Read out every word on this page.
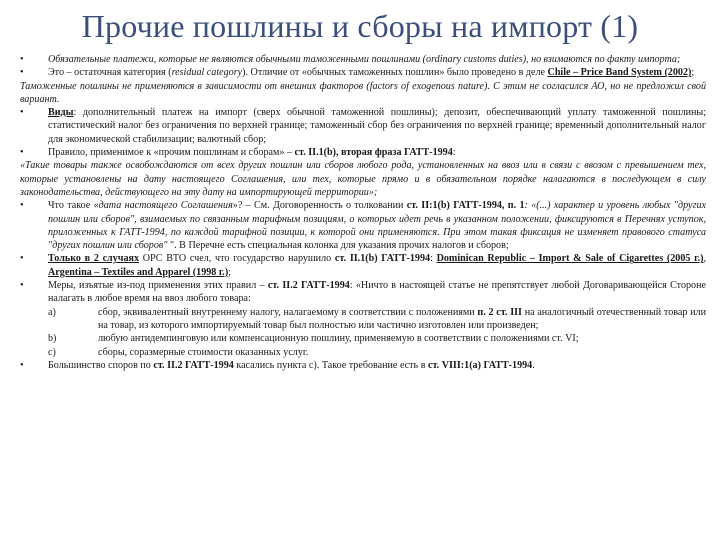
Прочие пошлины и сборы на импорт (1)
•	Обязательные платежи, которые не являются обычными таможенными пошлинами (ordinary customs duties), но взимаются по факту импорта;
•	Это – остаточная категория (residual category). Отличие от «обычных таможенных пошлин» было проведено в деле Chile – Price Band System (2002);

Таможенные пошлины не применяются в зависимости от внешних факторов (factors of exogenous nature). С этим не согласился АО, но не предложил свой вариант.

•	Виды: дополнительный платеж на импорт (сверх обычной таможенной пошлины); депозит, обеспечивающий уплату таможенной пошлины; статистический налог без ограничения по верхней границе; таможенный сбор без ограничения по верхней границе; временный дополнительный налог для экономической стабилизации; валютный сбор;
•	Правило, применимое к «прочим пошлинам и сборам» – ст. II.1(b), вторая фраза ГАТТ-1994:

«Такие товары также освобождаются от всех других пошлин или сборов любого рода, установленных на ввоз или в связи с ввозом с превышением тех, которые установлены на дату настоящего Соглашения, или тех, которые прямо и в обязательном порядке налагаются в последующем в силу законодательства, действующего на эту дату на импортирующей территории»;

•	Что такое «дата настоящего Соглашения»? – См. Договоренность о толковании ст. II:1(b) ГАТТ-1994, п. 1: «(...) характер и уровень любых "других пошлин или сборов", взимаемых по связанным тарифным позициям, о которых идет речь в указанном положении, фиксируются в Перечнях уступок, приложенных к ГАТТ-1994, по каждой тарифной позиции, к которой они применяются. При этом такая фиксация не изменяет правового статуса "других пошлин или сборов" ". В Перечне есть специальная колонка для указания прочих налогов и сборов;
•	Только в 2 случаях ОРС ВТО счел, что государство нарушило ст. II.1(b) ГАТТ-1994: Dominican Republic – Import & Sale of Cigarettes (2005 г.), Argentina – Textiles and Apparel (1998 г.);
•	Меры, изъятые из-под применения этих правил – ст. II.2 ГАТТ-1994: «Ничто в настоящей статье не препятствует любой Договаривающейся Стороне налагать в любое время на ввоз любого товара:
a)	сбор, эквивалентный внутреннему налогу, налагаемому в соответствии с положениями п. 2 ст. III на аналогичный отечественный товар или на товар, из которого импортируемый товар был полностью или частично изготовлен или произведен;
b)	любую антидемпинговую или компенсационную пошлину, применяемую в соответствии с положениями ст. VI;
c)	сборы, соразмерные стоимости оказанных услуг.
•	Большинство споров по ст. II.2 ГАТТ-1994 касались пункта с). Такое требование есть в ст. VIII:1(a) ГАТТ-1994.
